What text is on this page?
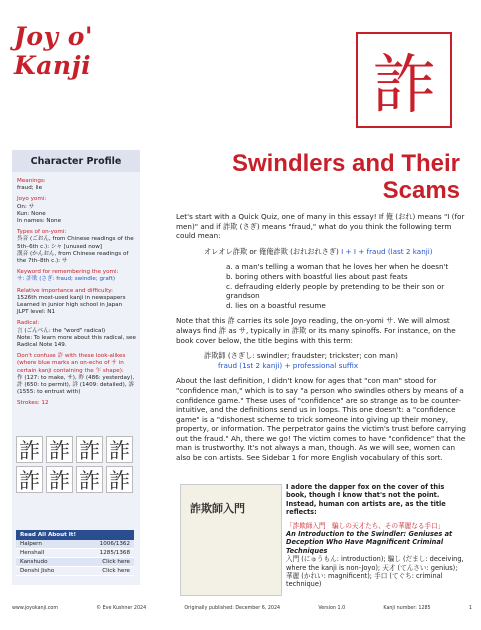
Joy o' Kanji	詐
Character Profile
Meanings:
fraud; lie
Joyo yomi:
On: サ
Kun: None
In names: None
Types of on-yomi:
呉音 (ごおん, from Chinese readings of the 5th–6th c.): シャ [unused now]
漢音 (かんおん, from Chinese readings of the 7th–8th c.): サ
Keyword for remembering the yomi:
サ: 詐欺 (さぎ: fraud; swindle; graft)
Relative importance and difficulty:
1526th most-used kanji in newspapers
Learned in junior high school in Japan
JLPT level: N1
Radical:
言 (ごんべん: the "word" radical)
Note: To learn more about this radical, see Radical Note 149.
Don't confuse 詐 with these look-alikes (where blue marks an on-echo of サ in certain kanji containing the 乍 shape):
作 (127: to make, サ), 昨 (486: yesterday), 許 (650: to permit), 詳 (1409: detailed), 訴 (1555: to entrust with)
Strokes: 12
詐 詐 詐 詐
詐 詐 詐 詐
Read All About It!
Halpern	1006/1362
Henshall	1285/1368
Kanshudo	Click here
Denshi Jisho	Click here
Swindlers and Their Scams
Let's start with a Quick Quiz, one of many in this essay! If 俺 (おれ) means "I (for men)" and if 詐欺 (さぎ) means "fraud," what do you think the following term could mean:
オレオレ詐欺 or 俺俺詐欺 (おれおれさぎ) I + I + fraud (last 2 kanji)
a. a man's telling a woman that he loves her when he doesn't
b. boring others with boastful lies about past feats
c. defrauding elderly people by pretending to be their son or grandson
d. lies on a boastful resume
Note that this 詐 carries its sole Joyo reading, the on-yomi サ. We will almost always find 詐 as サ, typically in 詐欺 or its many spinoffs. For instance, on the book cover below, the title begins with this term:
詐欺師 (さぎし: swindler; fraudster; trickster; con man)
fraud (1st 2 kanji) + professional suffix
About the last definition, I didn't know for ages that "con man" stood for "confidence man," which is to say "a person who swindles others by means of a confidence game." These uses of "confidence" are so strange as to be counter-intuitive, and the definitions send us in loops. This one doesn't: a "confidence game" is a "dishonest scheme to trick someone into giving up their money, property, or information. The perpetrator gains the victim's trust before carrying out the fraud." Ah, there we go! The victim comes to have "confidence" that the man is trustworthy. It's not always a man, though. As we will see, women can also be con artists. See Sidebar 1 for more English vocabulary of this sort.
詐欺師入門
I adore the dapper fox on the cover of this book, though I know that's not the point. Instead, human con artists are, as the title reflects:
「詐欺師入門　騙しの天才たち、その華麗なる手口」
An Introduction to the Swindler: Geniuses at Deception Who Have Magnificent Criminal Techniques
入門 (にゅうもん: introduction); 騙し (だまし: deceiving, where the kanji is non-Joyo); 天才 (てんさい: genius); 華麗 (かれい: magnificent); 手口 (てぐち: criminal technique)
www.joyokanji.com	© Eve Kushner 2024	Originally published: December 6, 2024	Version 1.0	Kanji number: 1285	1
